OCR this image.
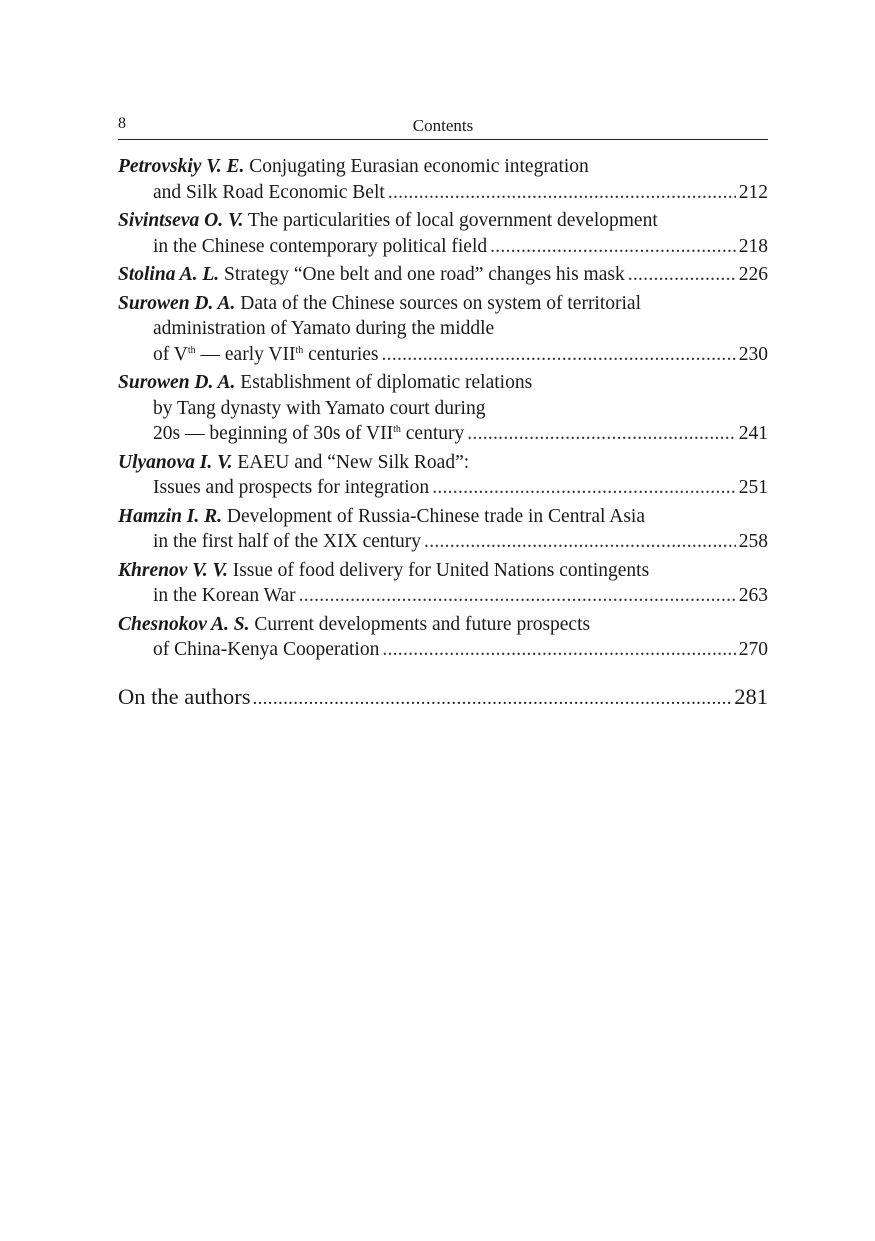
8	Contents
Petrovskiy V. E. Conjugating Eurasian economic integration
and Silk Road Economic Belt . . .	212
Sivintseva O. V. The particularities of local government development
in the Chinese contemporary political field . . .	218
Stolina A. L. Strategy “One belt and one road” changes his mask . . .	226
Surowen D. A. Data of the Chinese sources on system of territorial
administration of Yamato during the middle
of Vth — early VIIth centuries . . .	230
Surowen D. A. Establishment of diplomatic relations
by Tang dynasty with Yamato court during
20s — beginning of 30s of VIIth century . . .	241
Ulyanova I. V. EAEU and “New Silk Road”:
Issues and prospects for integration . . .	251
Hamzin I. R. Development of Russia-Chinese trade in Central Asia
in the first half of the XIX century . . .	258
Khrenov V. V. Issue of food delivery for United Nations contingents
in the Korean War . . .	263
Chesnokov A. S. Current developments and future prospects
of China-Kenya Cooperation . . .	270
On the authors . . .	281
